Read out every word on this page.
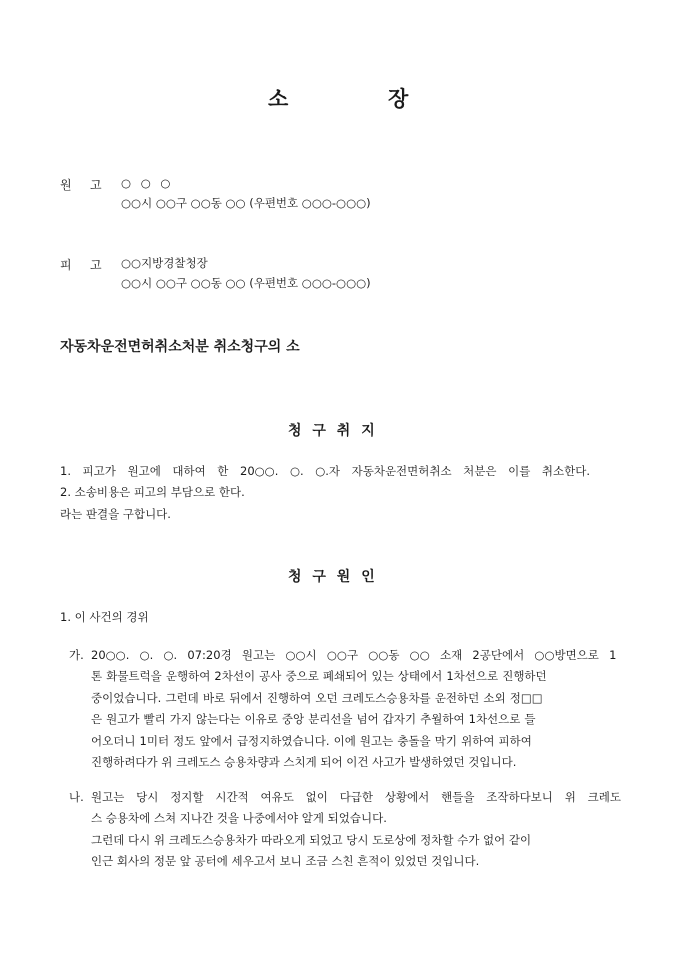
소	장
원 고 ○ ○ ○
○○시 ○○구 ○○동 ○○ (우편번호 ○○○-○○○)
피 고 ○○지방경찰청장
○○시 ○○구 ○○동 ○○ (우편번호 ○○○-○○○)
자동차운전면허취소처분 취소청구의 소
청 구 취 지
1. 피고가 원고에 대하여 한 20○○. ○. ○.자 자동차운전면허취소 처분은 이를 취소한다.
2. 소송비용은 피고의 부담으로 한다.
라는 판결을 구합니다.
청 구 원 인
1. 이 사건의 경위
가. 20○○. ○. ○. 07:20경 원고는 ○○시 ○○구 ○○동 ○○ 소재 2공단에서 ○○방면으로 1
톤 화물트럭을 운행하여 2차선이 공사 중으로 폐쇄되어 있는 상태에서 1차선으로 진행하던
중이었습니다. 그런데 바로 뒤에서 진행하여 오던 크레도스승용차를 운전하던 소외 정□□
은 원고가 빨리 가지 않는다는 이유로 중앙 분리선을 넘어 갑자기 추월하여 1차선으로 들
어오더니 1미터 정도 앞에서 급정지하였습니다. 이에 원고는 충돌을 막기 위하여 피하여
진행하려다가 위 크레도스 승용차량과 스치게 되어 이건 사고가 발생하였던 것입니다.
나. 원고는 당시 정지할 시간적 여유도 없이 다급한 상황에서 핸들을 조작하다보니 위 크레도
스 승용차에 스쳐 지나간 것을 나중에서야 알게 되었습니다.
그런데 다시 위 크레도스승용차가 따라오게 되었고 당시 도로상에 정차할 수가 없어 같이
인근 회사의 정문 앞 공터에 세우고서 보니 조금 스친 흔적이 있었던 것입니다.
